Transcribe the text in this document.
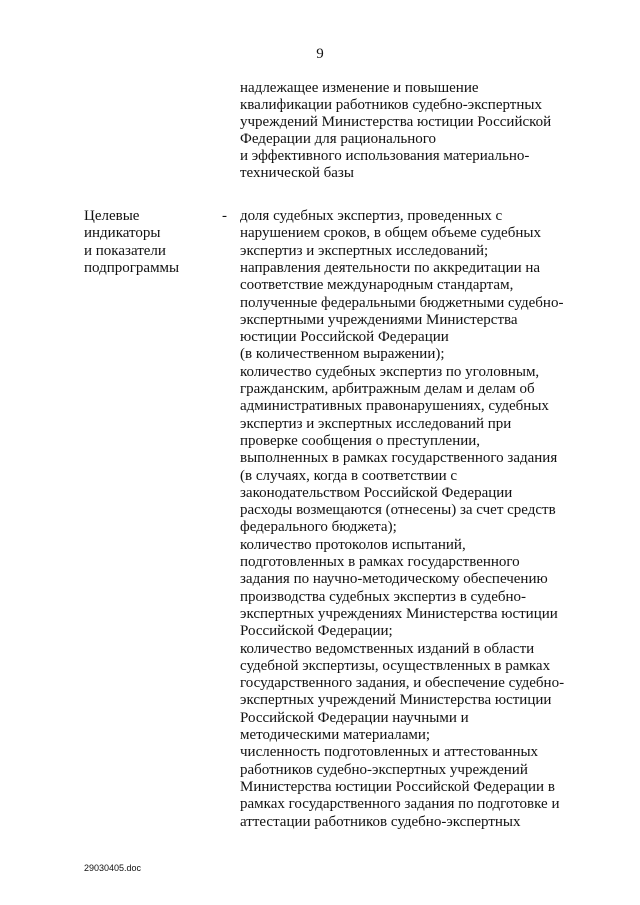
9
надлежащее изменение и повышение
квалификации работников судебно-экспертных
учреждений Министерства юстиции Российской
Федерации для рационального
и эффективного использования материально-
технической базы
Целевые
индикаторы
и показатели
подпрограммы
- доля судебных экспертиз, проведенных с
нарушением сроков, в общем объеме судебных
экспертиз и экспертных исследований;
направления деятельности по аккредитации на
соответствие международным стандартам,
полученные федеральными бюджетными судебно-
экспертными учреждениями Министерства
юстиции Российской Федерации
(в количественном выражении);
количество судебных экспертиз по уголовным,
гражданским, арбитражным делам и делам об
административных правонарушениях, судебных
экспертиз и экспертных исследований при
проверке сообщения о преступлении,
выполненных в рамках государственного задания
(в случаях, когда в соответствии с
законодательством Российской Федерации
расходы возмещаются (отнесены) за счет средств
федерального бюджета);
количество протоколов испытаний,
подготовленных в рамках государственного
задания по научно-методическому обеспечению
производства судебных экспертиз в судебно-
экспертных учреждениях Министерства юстиции
Российской Федерации;
количество ведомственных изданий в области
судебной экспертизы, осуществленных в рамках
государственного задания, и обеспечение судебно-
экспертных учреждений Министерства юстиции
Российской Федерации научными и
методическими материалами;
численность подготовленных и аттестованных
работников судебно-экспертных учреждений
Министерства юстиции Российской Федерации в
рамках государственного задания по подготовке и
аттестации работников судебно-экспертных
29030405.doc
